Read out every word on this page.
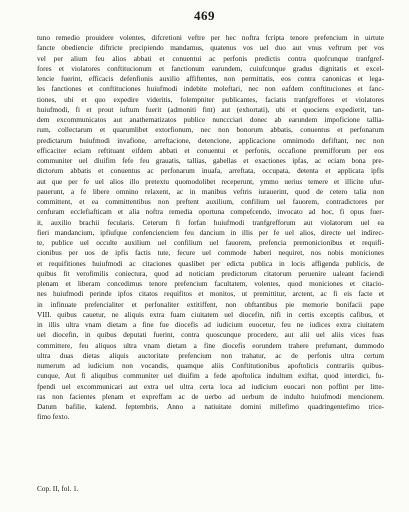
469
tuno remedio prouidere volentes, difcretioni veftre per hec noftra fcripta tenore prefencium in uirtute
fancte obediencie diftricte precipiendo mandamus, quatenus vos uel duo aut vnus veftrum per vos
vel per alium feu alios abbati et conuentui ac perfonis predictis contra quofcunque tranfgref-
fores et violatores conftitucionum et fanctionum earundem, cuiufcunque gradus dignitatis et excel-
lencie fuerint, efficacis defenfionis auxilio affiftentes, non permittatis, eos contra canonicas et lega-
les fanctiones et conftituciones huiufmodi indebite moleftari, nec non eafdem conftituciones et fanc-
tiones, ubi et quo expedire videritis, folempniter publicantes, faciatis tranfgreffores et violatores
huiufmodi, fi et prout iuftum fuerit (admoniti fint) aut (exhortati), ubi et quociens expedierit, tan-
dem excommunicatos aut anathematizatos publice nunccciari donec ab earundem impoficione tallia-
rum, collectarum et quarumlibet extorfionum, nec non bonorum abbatis, conuentus et perfonarum
predictarum huiufmodi invafione, arreftacione, detencione, applicacione omnimodo defiftant, nec non
efficaciter eciam reftituant eifdem abbati et conuentui et perfonis, occafione premifforum per eos
communiter uel diuifim fefe feu grauatis, tallias, gabellas et exactiones ipfas, ac eciam bona pre-
dictorum abbatis et conuentus ac perfonarum inuafa, arreftata, occupata, detenta et applicata ipfis
aut que per fe uel alios illo pretextu quomodolibet receperunt, ymmo uerius temere et illicite ufur-
pauerunt, a fe libere omnino relaxent, ac in manibus veftris iurauerint, quod de cetero talia non
committent, et ea committentibus non preftent auxilium, confilium uel fauorem, contradictores per
cenfuram ecclefiafticam et alia noftra remedia oportuna compefcendo, invocato ad hoc, fi opus fuer-
it, auxilio brachii fecularis. Ceterum fi forfan huiufmodi tranfgrefforum aut violatorum uel ea
fieri mandancium, ipfiufque confencienciem feu dancium in illis per fe uel alios, directe uel indirec-
te, publice uel occulte auxilium uel confilium uel fauorem, prefencia premonicionibus et requifi-
cionibus per uos de ipfis factis tute, fecure uel commode haberi nequiret, nos nobis moniciones
et requifitiones huiufmodi ac citaciones quaslibet per edicta publica in locis affigenda publicis, de
quibus fit verofimilis coniectura, quod ad noticiam predictorum citatorum peruenire ualeant faciendi
plenam et liberam concedimus tenore prefencium facultatem, volentes, quod moniciones et citacio-
nes huiufmodi perinde ipfos citatos requifitos et monitos, ut premittitur, arctent, ac fi eis facte et
in infinuate prefencialiter et perfonaliter extitiffent, non obftantibus pie memorie bonifacii pape
VIII. quibus cauetur, ne aliquis extra fuam ciuitatem uel diocefin, nifi in certis exceptis cafibus, et
in illis ultra vnam dietam a fine fue diocefis ad iudicium euocetur, feu ne iudices extra ciuitatem
uel diocefin, in quibus deputati fuerint, contra quoscunque procedere, aut alii uel aliis vices fuas
committere, feu aliquos ultra vnam dietam a fine diocefis eorundem trahere prefumant, dummodo
ultra duas dietas aliquis auctoritate prefencium non trahatur, ac de perfonis ultra certum
numerum ad iudicium non vocandis, quamque aliis Conftitutionibus apoftolicis contrariis quibus-
cunque, Aut fi aliquibus communiter uel diuifim a fede apoftolica indultum exiftat, quod interdici, fu-
fpendi uel excommunicari aut extra uel ultra certa loca ad iudicium euocari non poffint per litte-
ras non facientes plenam et expreffam ac de uerbo ad uerbum de indulto huiufmodi mencionem.
Datum bafilie, kalend. feptembris, Anno a natiuitate domini millefimo quadringentefimo trice-
fimo fexto.
Cop. II, fol. 1.
